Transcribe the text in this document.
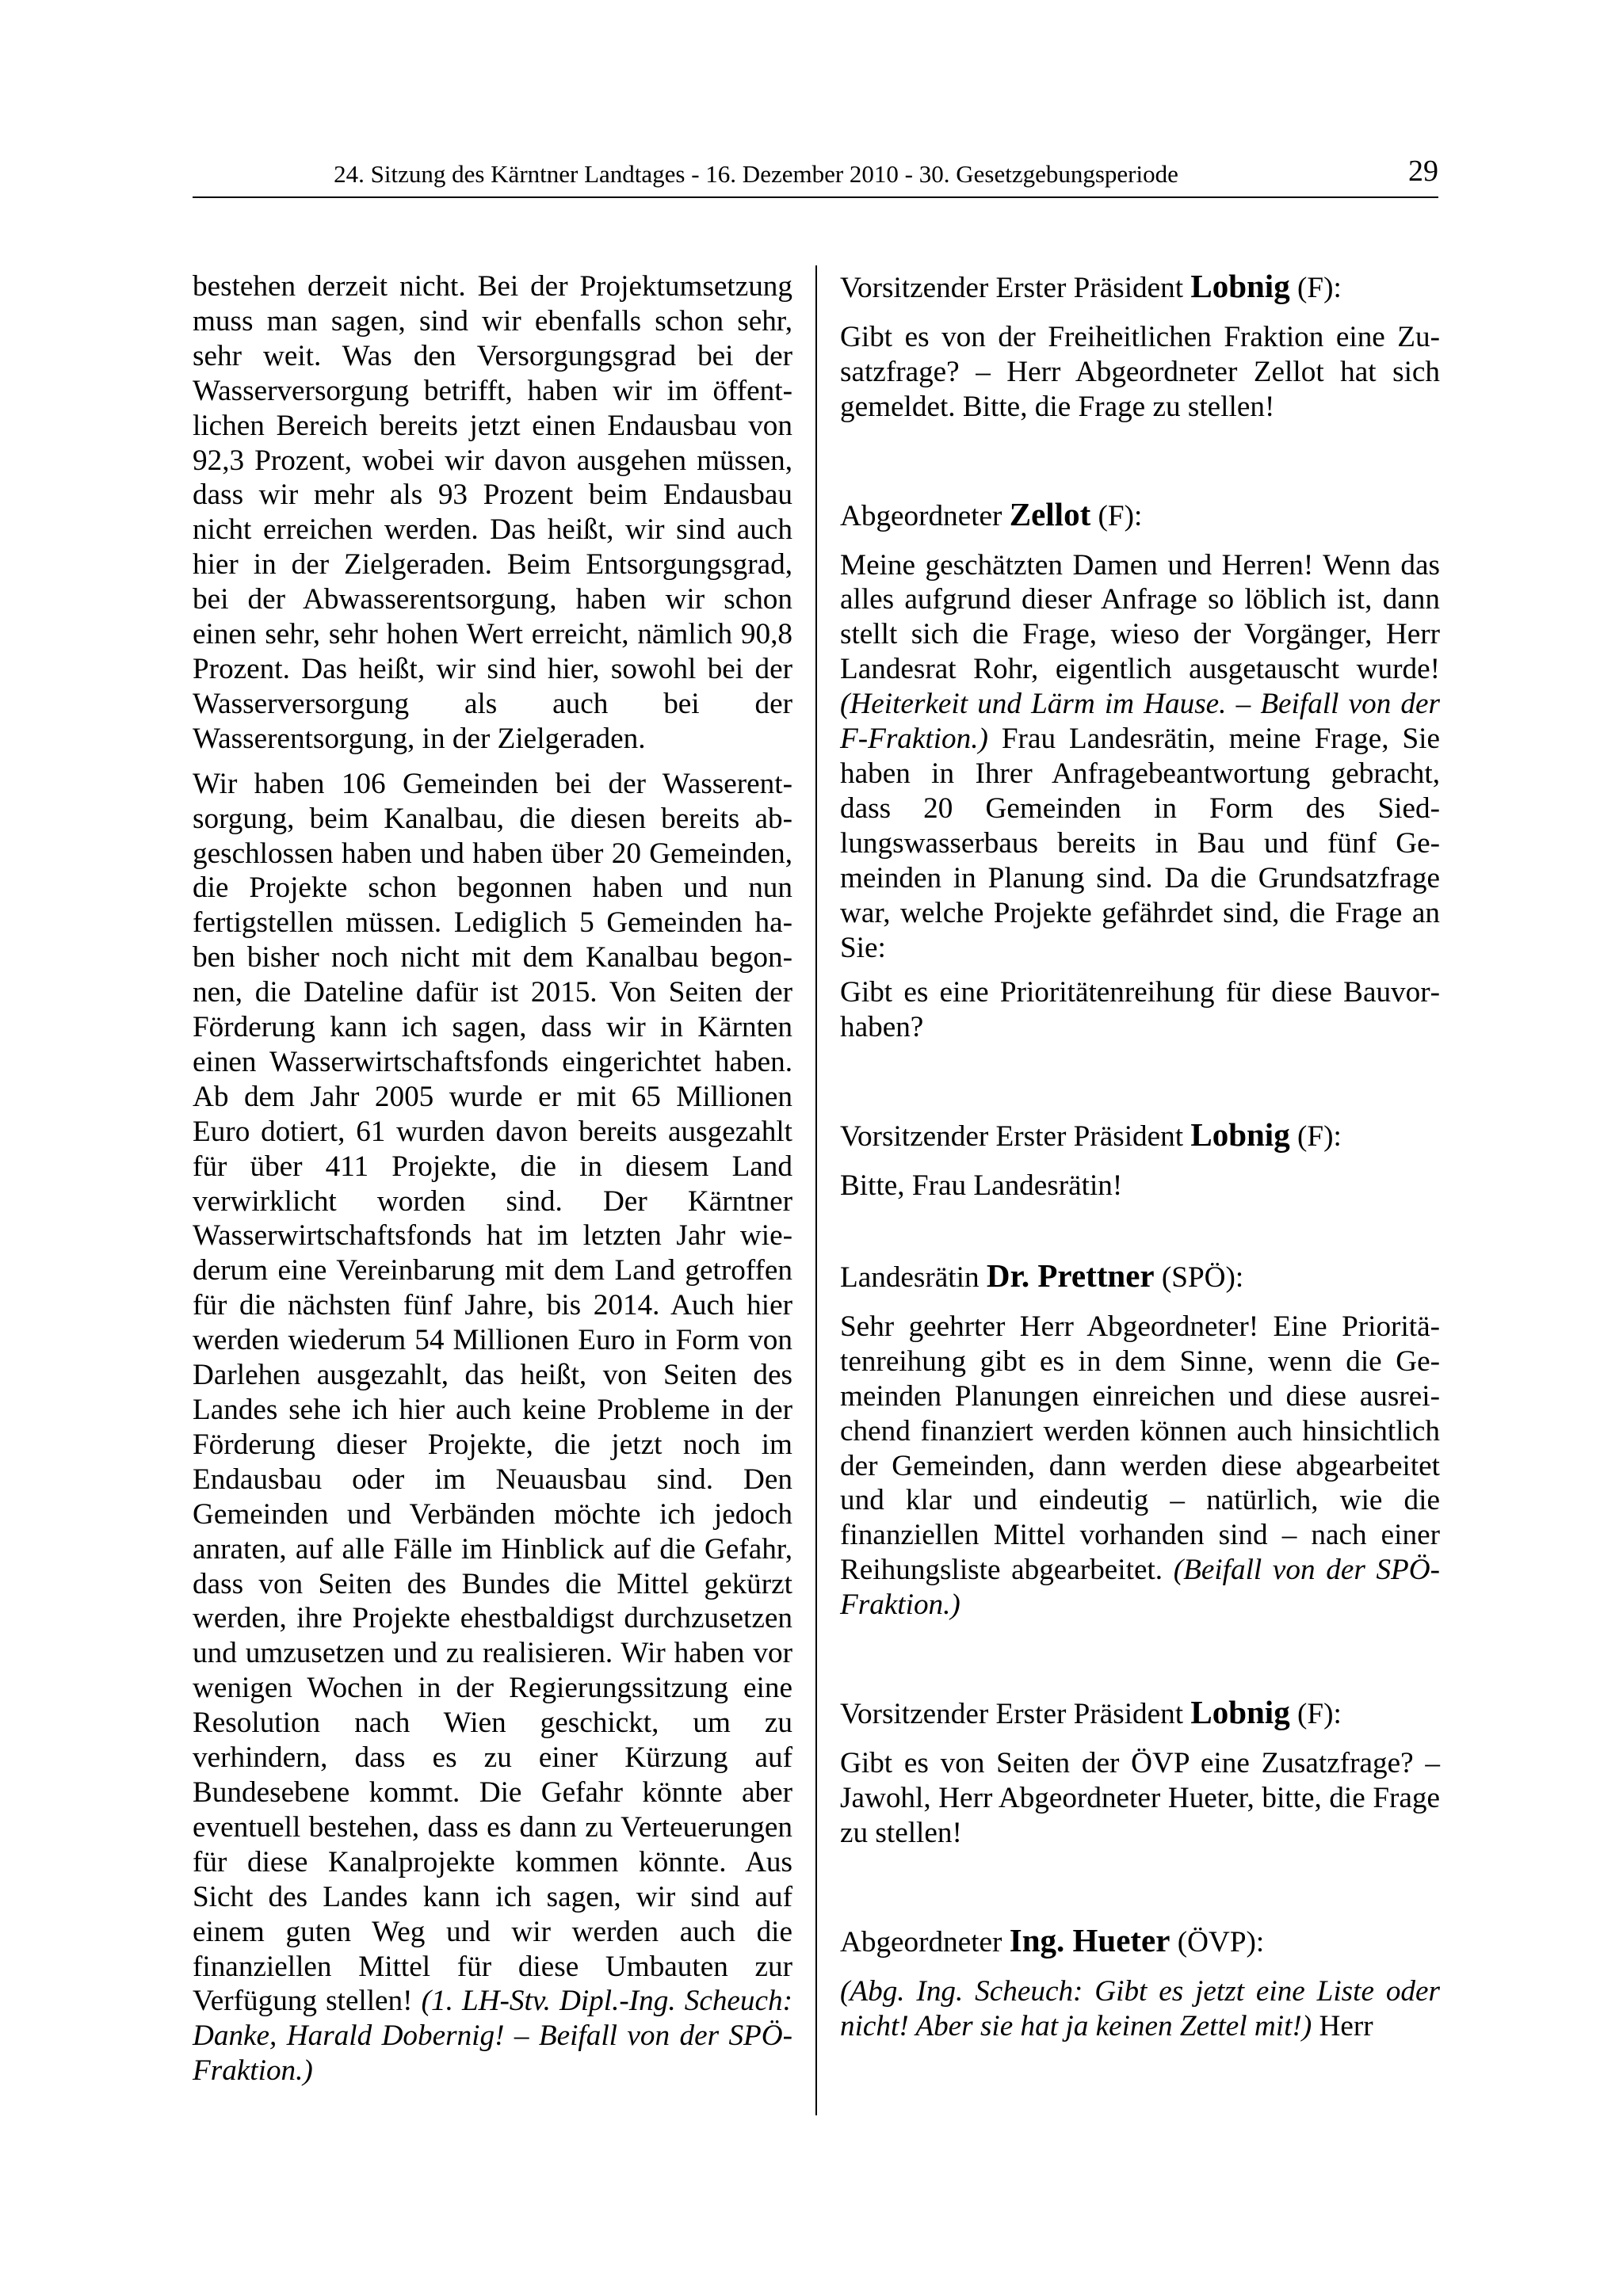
24. Sitzung des Kärntner Landtages - 16. Dezember 2010 - 30. Gesetzgebungsperiode	29

bestehen derzeit nicht. Bei der Projektumsetzung muss man sagen, sind wir ebenfalls schon sehr, sehr weit. Was den Versorgungsgrad bei der Wasserversorgung betrifft, haben wir im öffentlichen Bereich bereits jetzt einen Endausbau von 92,3 Prozent, wobei wir davon ausgehen müssen, dass wir mehr als 93 Prozent beim Endausbau nicht erreichen werden. Das heißt, wir sind auch hier in der Zielgeraden. Beim Entsorgungsgrad, bei der Abwasserentsorgung, haben wir schon einen sehr, sehr hohen Wert erreicht, nämlich 90,8 Prozent. Das heißt, wir sind hier, sowohl bei der Wasserversorgung als auch bei der Wasserentsorgung, in der Zielgeraden.

Wir haben 106 Gemeinden bei der Wasserentsorgung, beim Kanalbau, die diesen bereits abgeschlossen haben und haben über 20 Gemeinden, die Projekte schon begonnen haben und nun fertigstellen müssen. Lediglich 5 Gemeinden haben bisher noch nicht mit dem Kanalbau begonnen, die Dateline dafür ist 2015. Von Seiten der Förderung kann ich sagen, dass wir in Kärnten einen Wasserwirtschaftsfonds eingerichtet haben. Ab dem Jahr 2005 wurde er mit 65 Millionen Euro dotiert, 61 wurden davon bereits ausgezahlt für über 411 Projekte, die in diesem Land verwirklicht worden sind. Der Kärntner Wasserwirtschaftsfonds hat im letzten Jahr wiederum eine Vereinbarung mit dem Land getroffen für die nächsten fünf Jahre, bis 2014. Auch hier werden wiederum 54 Millionen Euro in Form von Darlehen ausgezahlt, das heißt, von Seiten des Landes sehe ich hier auch keine Probleme in der Förderung dieser Projekte, die jetzt noch im Endausbau oder im Neuausbau sind. Den Gemeinden und Verbänden möchte ich jedoch anraten, auf alle Fälle im Hinblick auf die Gefahr, dass von Seiten des Bundes die Mittel gekürzt werden, ihre Projekte ehestbaldigst durchzusetzen und umzusetzen und zu realisieren. Wir haben vor wenigen Wochen in der Regierungssitzung eine Resolution nach Wien geschickt, um zu verhindern, dass es zu einer Kürzung auf Bundesebene kommt. Die Gefahr könnte aber eventuell bestehen, dass es dann zu Verteuerungen für diese Kanalprojekte kommen könnte. Aus Sicht des Landes kann ich sagen, wir sind auf einem guten Weg und wir werden auch die finanziellen Mittel für diese Umbauten zur Verfügung stellen! (1. LH-Stv. Dipl.-Ing. Scheuch: Danke, Harald Dobernig! – Beifall von der SPÖ-Fraktion.)

Vorsitzender Erster Präsident Lobnig (F):

Gibt es von der Freiheitlichen Fraktion eine Zusatzfrage? – Herr Abgeordneter Zellot hat sich gemeldet. Bitte, die Frage zu stellen!

Abgeordneter Zellot (F):

Meine geschätzten Damen und Herren! Wenn das alles aufgrund dieser Anfrage so löblich ist, dann stellt sich die Frage, wieso der Vorgänger, Herr Landesrat Rohr, eigentlich ausgetauscht wurde! (Heiterkeit und Lärm im Hause. – Beifall von der F-Fraktion.) Frau Landesrätin, meine Frage, Sie haben in Ihrer Anfragebeantwortung gebracht, dass 20 Gemeinden in Form des Siedlungswasserbaus bereits in Bau und fünf Gemeinden in Planung sind. Da die Grundsatzfrage war, welche Projekte gefährdet sind, die Frage an Sie:

Gibt es eine Prioritätenreihung für diese Bauvorhaben?

Vorsitzender Erster Präsident Lobnig (F):

Bitte, Frau Landesrätin!

Landesrätin Dr. Prettner (SPÖ):

Sehr geehrter Herr Abgeordneter! Eine Prioritätenreihung gibt es in dem Sinne, wenn die Gemeinden Planungen einreichen und diese ausreichend finanziert werden können auch hinsichtlich der Gemeinden, dann werden diese abgearbeitet und klar und eindeutig – natürlich, wie die finanziellen Mittel vorhanden sind – nach einer Reihungsliste abgearbeitet. (Beifall von der SPÖ-Fraktion.)

Vorsitzender Erster Präsident Lobnig (F):

Gibt es von Seiten der ÖVP eine Zusatzfrage? – Jawohl, Herr Abgeordneter Hueter, bitte, die Frage zu stellen!

Abgeordneter Ing. Hueter (ÖVP):

(Abg. Ing. Scheuch: Gibt es jetzt eine Liste oder nicht! Aber sie hat ja keinen Zettel mit!) Herr
